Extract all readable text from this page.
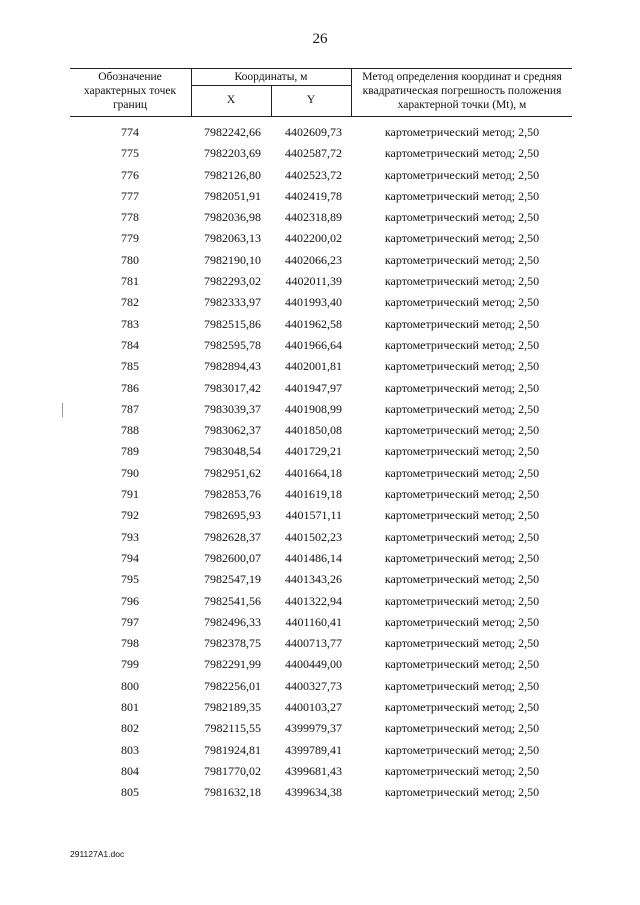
26
Обозначение характерных точек границ
Координаты, м
X	Y
Метод определения координат и средняя квадратическая погрешность положения характерной точки (Mt), м
774	7982242,66	4402609,73	картометрический метод; 2,50
775	7982203,69	4402587,72	картометрический метод; 2,50
776	7982126,80	4402523,72	картометрический метод; 2,50
777	7982051,91	4402419,78	картометрический метод; 2,50
778	7982036,98	4402318,89	картометрический метод; 2,50
779	7982063,13	4402200,02	картометрический метод; 2,50
780	7982190,10	4402066,23	картометрический метод; 2,50
781	7982293,02	4402011,39	картометрический метод; 2,50
782	7982333,97	4401993,40	картометрический метод; 2,50
783	7982515,86	4401962,58	картометрический метод; 2,50
784	7982595,78	4401966,64	картометрический метод; 2,50
785	7982894,43	4402001,81	картометрический метод; 2,50
786	7983017,42	4401947,97	картометрический метод; 2,50
787	7983039,37	4401908,99	картометрический метод; 2,50
788	7983062,37	4401850,08	картометрический метод; 2,50
789	7983048,54	4401729,21	картометрический метод; 2,50
790	7982951,62	4401664,18	картометрический метод; 2,50
791	7982853,76	4401619,18	картометрический метод; 2,50
792	7982695,93	4401571,11	картометрический метод; 2,50
793	7982628,37	4401502,23	картометрический метод; 2,50
794	7982600,07	4401486,14	картометрический метод; 2,50
795	7982547,19	4401343,26	картометрический метод; 2,50
796	7982541,56	4401322,94	картометрический метод; 2,50
797	7982496,33	4401160,41	картометрический метод; 2,50
798	7982378,75	4400713,77	картометрический метод; 2,50
799	7982291,99	4400449,00	картометрический метод; 2,50
800	7982256,01	4400327,73	картометрический метод; 2,50
801	7982189,35	4400103,27	картометрический метод; 2,50
802	7982115,55	4399979,37	картометрический метод; 2,50
803	7981924,81	4399789,41	картометрический метод; 2,50
804	7981770,02	4399681,43	картометрический метод; 2,50
805	7981632,18	4399634,38	картометрический метод; 2,50
291127A1.doc
